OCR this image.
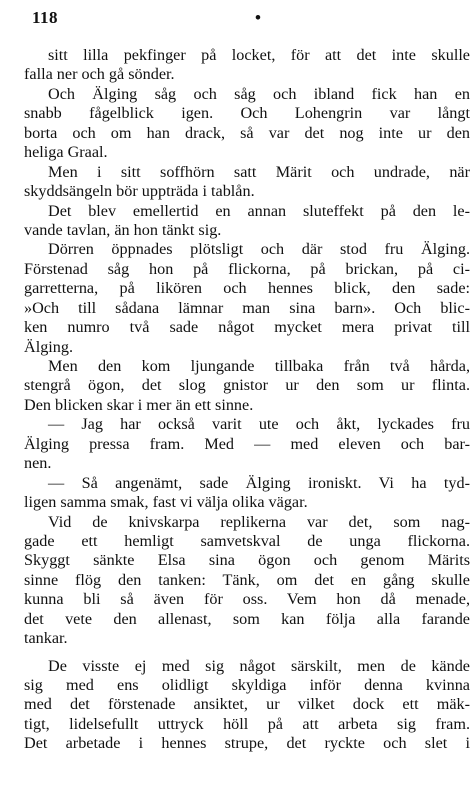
118	•
sitt lilla pekfinger på locket, för att det inte skulle
falla ner och gå sönder.
Och Älging såg och såg och ibland fick han en
snabb fågelblick igen. Och Lohengrin var långt
borta och om han drack, så var det nog inte ur den
heliga Graal.
Men i sitt soffhörn satt Märit och undrade, när
skyddsängeln bör uppträda i tablån.
Det blev emellertid en annan sluteffekt på den le-
vande tavlan, än hon tänkt sig.
Dörren öppnades plötsligt och där stod fru Älging.
Förstenad såg hon på flickorna, på brickan, på ci-
garretterna, på likören och hennes blick, den sade:
»Och till sådana lämnar man sina barn». Och blic-
ken numro två sade något mycket mera privat till
Älging.
Men den kom ljungande tillbaka från två hårda,
stengrå ögon, det slog gnistor ur den som ur flinta.
Den blicken skar i mer än ett sinne.
— Jag har också varit ute och åkt, lyckades fru
Älging pressa fram. Med — med eleven och bar-
nen.
— Så angenämt, sade Älging ironiskt. Vi ha tyd-
ligen samma smak, fast vi välja olika vägar.
Vid de knivskarpa replikerna var det, som nag-
gade ett hemligt samvetskval de unga flickorna.
Skyggt sänkte Elsa sina ögon och genom Märits
sinne flög den tanken: Tänk, om det en gång skulle
kunna bli så även för oss. Vem hon då menade,
det vete den allenast, som kan följa alla farande
tankar.
De visste ej med sig något särskilt, men de kände
sig med ens olidligt skyldiga inför denna kvinna
med det förstenade ansiktet, ur vilket dock ett mäk-
tigt, lidelsefullt uttryck höll på att arbeta sig fram.
Det arbetade i hennes strupe, det ryckte och slet i
